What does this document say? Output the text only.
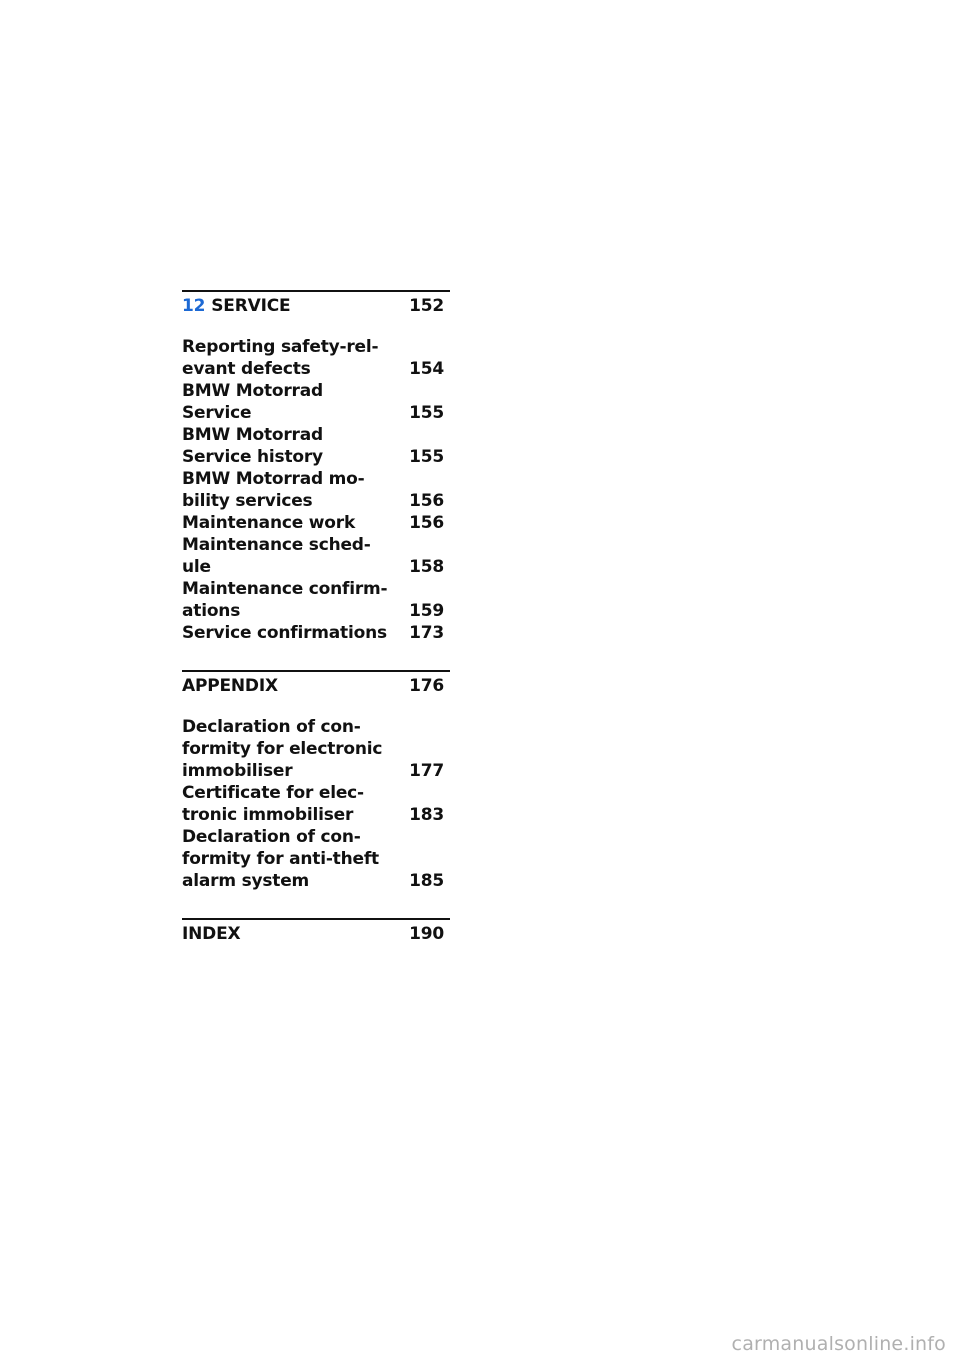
12 SERVICE	152
Reporting safety-rel-
evant defects	154
BMW Motorrad
Service	155
BMW Motorrad
Service history	155
BMW Motorrad mo-
bility services	156
Maintenance work	156
Maintenance sched-
ule	158
Maintenance confirm-
ations	159
Service confirmations 173
APPENDIX	176
Declaration of con-
formity for electronic
immobiliser	177
Certificate for elec-
tronic immobiliser	183
Declaration of con-
formity for anti-theft
alarm system	185
INDEX	190
carmanualsonline.info
